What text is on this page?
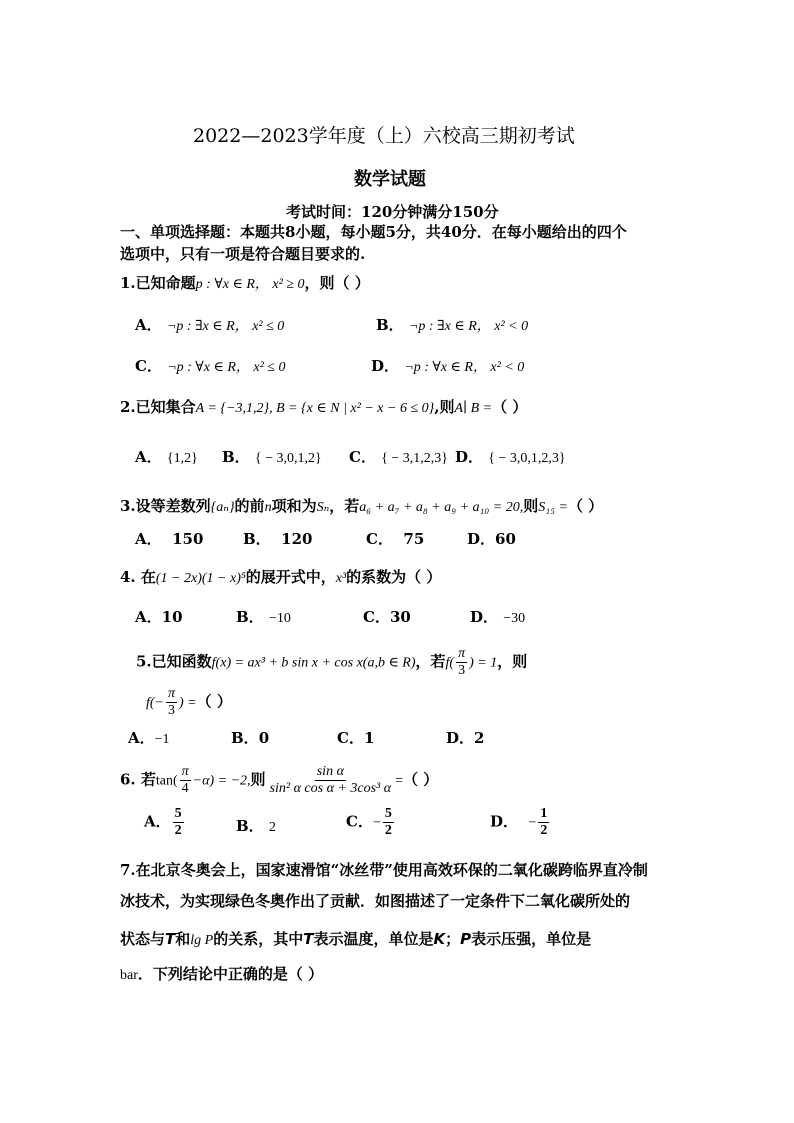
2022—2023学年度（上）六校高三期初考试
数学试题
考试时间：120分钟满分150分
一、单项选择题：本题共8小题，每小题5分，共40分．在每小题给出的四个
选项中，只有一项是符合题目要求的.
1.已知命题p : ∀x ∈ R， x² ≥ 0，则（ ）
A． ¬p : ∃x ∈ R， x² ≤ 0	B． ¬p : ∃x ∈ R， x² < 0
C． ¬p : ∀x ∈ R， x² ≤ 0	D． ¬p : ∀x ∈ R， x² < 0
2.已知集合A = {−3,1,2}, B = {x ∈ N | x² − x − 6 ≤ 0},则A∣ B =（ ）
A． {1,2} B． { − 3,0,1,2} C． { − 3,1,2,3} D． { − 3,0,1,2,3}
3.设等差数列{aₙ}的前n项和为Sₙ，若a₆ + a₇ + a₈ + a₉ + a₁₀ = 20,则S₁₅ =（ ）
A． 150	B． 120	C． 75	D．60
4. 在(1 − 2x)(1 − x)⁵的展开式中，x³的系数为（ ）
A．10	B． −10	C．30	D． −30
5.已知函数f(x) = ax³ + b sin x + cos x(a,b ∈ R)，若$f( \frac{\pi}{3}$ ) = 1，则
$f(- \frac{\pi}{3}$ ) =（ ）
A．−1	B．0	C．1	D．2
6. 若$\tan( \frac{\pi}{4} -\alpha) = -2$,则 $\frac{\text{sin α}}{\text{sin² α cos α + 3cos³ α}}$ =（ ）
A． $\frac{5}{2}$	B． 2	C．− $\frac{5}{2}$	D． − $\frac{1}{2}$
7.在北京冬奥会上，国家速滑馆“冰丝带”使用高效环保的二氧化碳跨临界直冷制
冰技术，为实现绿色冬奥作出了贡献．如图描述了一定条件下二氧化碳所处的
状态与T和lg P的关系，其中T表示温度，单位是K；P表示压强，单位是
bar．下列结论中正确的是（ ）
